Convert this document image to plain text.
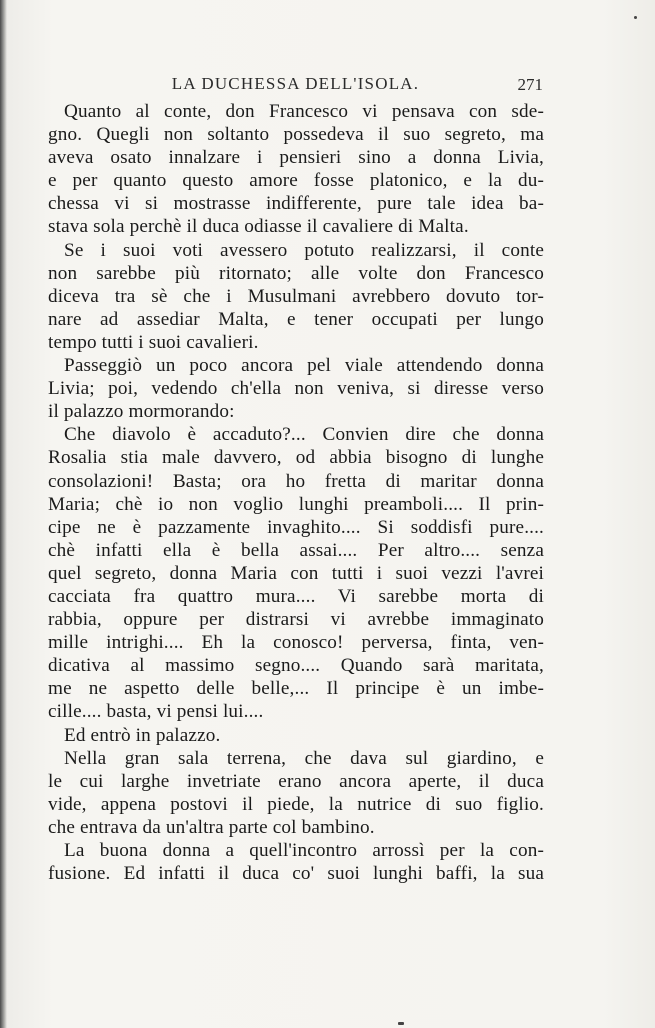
LA DUCHESSA DELL'ISOLA.	271
Quanto al conte, don Francesco vi pensava con sde-
gno. Quegli non soltanto possedeva il suo segreto, ma
aveva osato innalzare i pensieri sino a donna Livia,
e per quanto questo amore fosse platonico, e la du-
chessa vi si mostrasse indifferente, pure tale idea ba-
stava sola perchè il duca odiasse il cavaliere di Malta.
Se i suoi voti avessero potuto realizzarsi, il conte
non sarebbe più ritornato; alle volte don Francesco
diceva tra sè che i Musulmani avrebbero dovuto tor-
nare ad assediar Malta, e tener occupati per lungo
tempo tutti i suoi cavalieri.
Passeggiò un poco ancora pel viale attendendo donna
Livia; poi, vedendo ch'ella non veniva, si diresse verso
il palazzo mormorando:
Che diavolo è accaduto?... Convien dire che donna
Rosalia stia male davvero, od abbia bisogno di lunghe
consolazioni! Basta; ora ho fretta di maritar donna
Maria; chè io non voglio lunghi preamboli.... Il prin-
cipe ne è pazzamente invaghito.... Si soddisfi pure....
chè infatti ella è bella assai.... Per altro.... senza
quel segreto, donna Maria con tutti i suoi vezzi l'avrei
cacciata fra quattro mura.... Vi sarebbe morta di
rabbia, oppure per distrarsi vi avrebbe immaginato
mille intrighi.... Eh la conosco! perversa, finta, ven-
dicativa al massimo segno.... Quando sarà maritata,
me ne aspetto delle belle,... Il principe è un imbe-
cille.... basta, vi pensi lui....
Ed entrò in palazzo.
Nella gran sala terrena, che dava sul giardino, e
le cui larghe invetriate erano ancora aperte, il duca
vide, appena postovi il piede, la nutrice di suo figlio.
che entrava da un'altra parte col bambino.
La buona donna a quell'incontro arrossì per la con-
fusione. Ed infatti il duca co' suoi lunghi baffi, la sua
